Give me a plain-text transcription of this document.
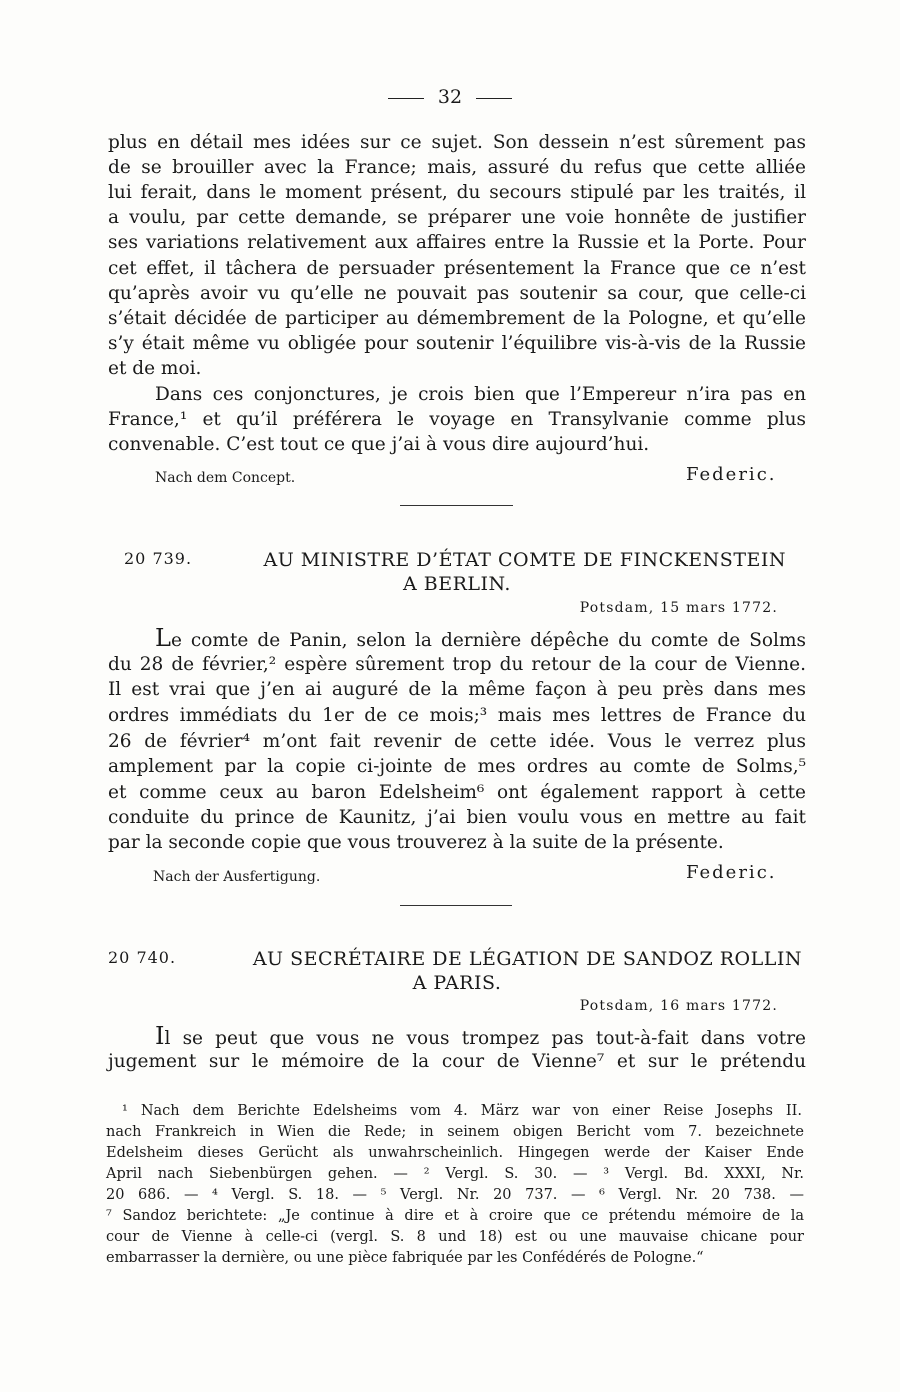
32
plus en détail mes idées sur ce sujet. Son dessein n’est sûrement pas
de se brouiller avec la France; mais, assuré du refus que cette alliée
lui ferait, dans le moment présent, du secours stipulé par les traités, il
a voulu, par cette demande, se préparer une voie honnête de justifier
ses variations relativement aux affaires entre la Russie et la Porte. Pour
cet effet, il tâchera de persuader présentement la France que ce n’est
qu’après avoir vu qu’elle ne pouvait pas soutenir sa cour, que celle-ci
s’était décidée de participer au démembrement de la Pologne, et qu’elle
s’y était même vu obligée pour soutenir l’équilibre vis-à-vis de la Russie
et de moi.
Dans ces conjonctures, je crois bien que l’Empereur n’ira pas en
France,¹ et qu’il préférera le voyage en Transylvanie comme plus
convenable. C’est tout ce que j’ai à vous dire aujourd’hui.
Nach dem Concept.	Federic.
20 739.	AU MINISTRE D’ÉTAT COMTE DE FINCKENSTEIN
A BERLIN.
Potsdam, 15 mars 1772.
Le comte de Panin, selon la dernière dépêche du comte de Solms
du 28 de février,² espère sûrement trop du retour de la cour de Vienne.
Il est vrai que j’en ai auguré de la même façon à peu près dans mes
ordres immédiats du 1er de ce mois;³ mais mes lettres de France du
26 de février⁴ m’ont fait revenir de cette idée. Vous le verrez plus
amplement par la copie ci-jointe de mes ordres au comte de Solms,⁵
et comme ceux au baron Edelsheim⁶ ont également rapport à cette
conduite du prince de Kaunitz, j’ai bien voulu vous en mettre au fait
par la seconde copie que vous trouverez à la suite de la présente.
Nach der Ausfertigung.	Federic.
20 740.	AU SECRÉTAIRE DE LÉGATION DE SANDOZ ROLLIN
A PARIS.
Potsdam, 16 mars 1772.
Il se peut que vous ne vous trompez pas tout-à-fait dans votre
jugement sur le mémoire de la cour de Vienne⁷ et sur le prétendu
¹ Nach dem Berichte Edelsheims vom 4. März war von einer Reise Josephs II.
nach Frankreich in Wien die Rede; in seinem obigen Bericht vom 7. bezeichnete
Edelsheim dieses Gerücht als unwahrscheinlich. Hingegen werde der Kaiser Ende
April nach Siebenbürgen gehen. — ² Vergl. S. 30. — ³ Vergl. Bd. XXXI, Nr.
20 686. — ⁴ Vergl. S. 18. — ⁵ Vergl. Nr. 20 737. — ⁶ Vergl. Nr. 20 738. —
⁷ Sandoz berichtete: „Je continue à dire et à croire que ce prétendu mémoire de la
cour de Vienne à celle-ci (vergl. S. 8 und 18) est ou une mauvaise chicane pour
embarrasser la dernière, ou une pièce fabriquée par les Confédérés de Pologne.“
